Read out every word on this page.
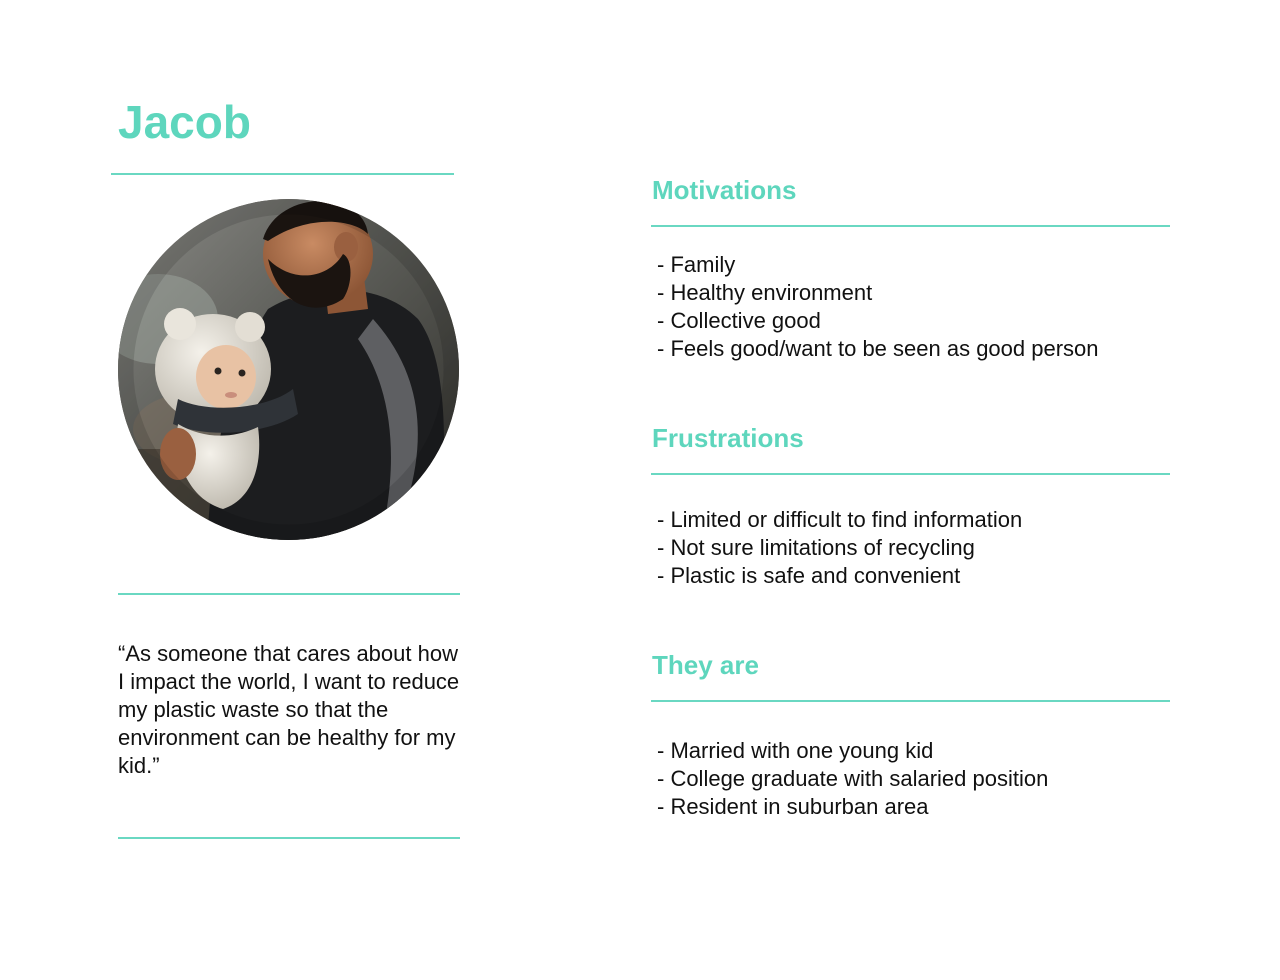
Jacob

“As someone that cares about how I impact the world, I want to reduce my plastic waste so that the environment can be healthy for my kid.”

Motivations
- Family
- Healthy environment
- Collective good
- Feels good/want to be seen as good person
Frustrations
- Limited or difficult to find information
- Not sure limitations of recycling
- Plastic is safe and convenient
They are
- Married with one young kid
- College graduate with salaried position
- Resident in suburban area
